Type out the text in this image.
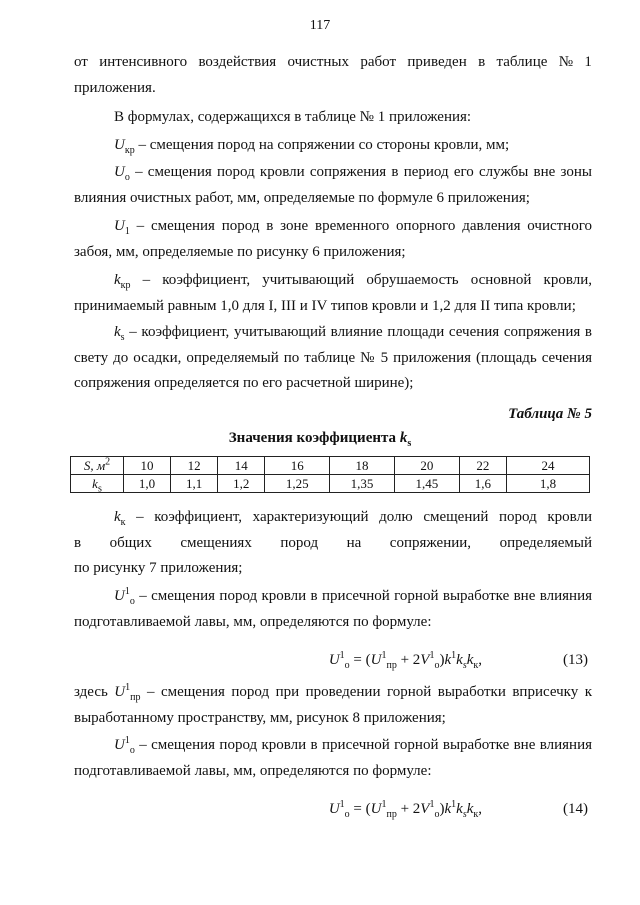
117
от интенсивного воздействия очистных работ приведен в таблице № 1
приложения.
В формулах, содержащихся в таблице № 1 приложения:
$U_{кр}$ – смещения пород на сопряжении со стороны кровли, мм;
$U_о$ – смещения пород кровли сопряжения в период его службы вне зоны влияния очистных работ, мм, определяемые по формуле 6 приложения;
$U_1$ – смещения пород в зоне временного опорного давления очистного забоя, мм, определяемые по рисунку 6 приложения;
$k_{кр}$ – коэффициент, учитывающий обрушаемость основной кровли, принимаемый равным 1,0 для I, III и IV типов кровли и 1,2 для II типа кровли;
$k_s$ – коэффициент, учитывающий влияние площади сечения сопряжения в свету до осадки, определяемый по таблице № 5 приложения (площадь сечения сопряжения определяется по его расчетной ширине);
Таблица № 5
Значения коэффициента $k_s$
S, $м^2$	10	12	14	16	18	20	22	24
$k_s$	1,0	1,1	1,2	1,25	1,35	1,45	1,6	1,8
$k_к$ – коэффициент, характеризующий долю смещений пород кровли
в общих смещениях пород на сопряжении, определяемый
по рисунку 7 приложения;
$U^1_о$ – смещения пород кровли в присечной горной выработке вне влияния подготавливаемой лавы, мм, определяются по формуле:
$U^1_о = (U^1_{пр} + 2V^1_о)k^1k_sk_к$,	(13)
здесь $U^1_{пр}$ – смещения пород при проведении горной выработки вприсечку к выработанному пространству, мм, рисунок 8 приложения;
$U^1_о$ – смещения пород кровли в присечной горной выработке вне влияния подготавливаемой лавы, мм, определяются по формуле:
$U^1_о = (U^1_{пр} + 2V^1_о)k^1k_sk_к$,	(14)
